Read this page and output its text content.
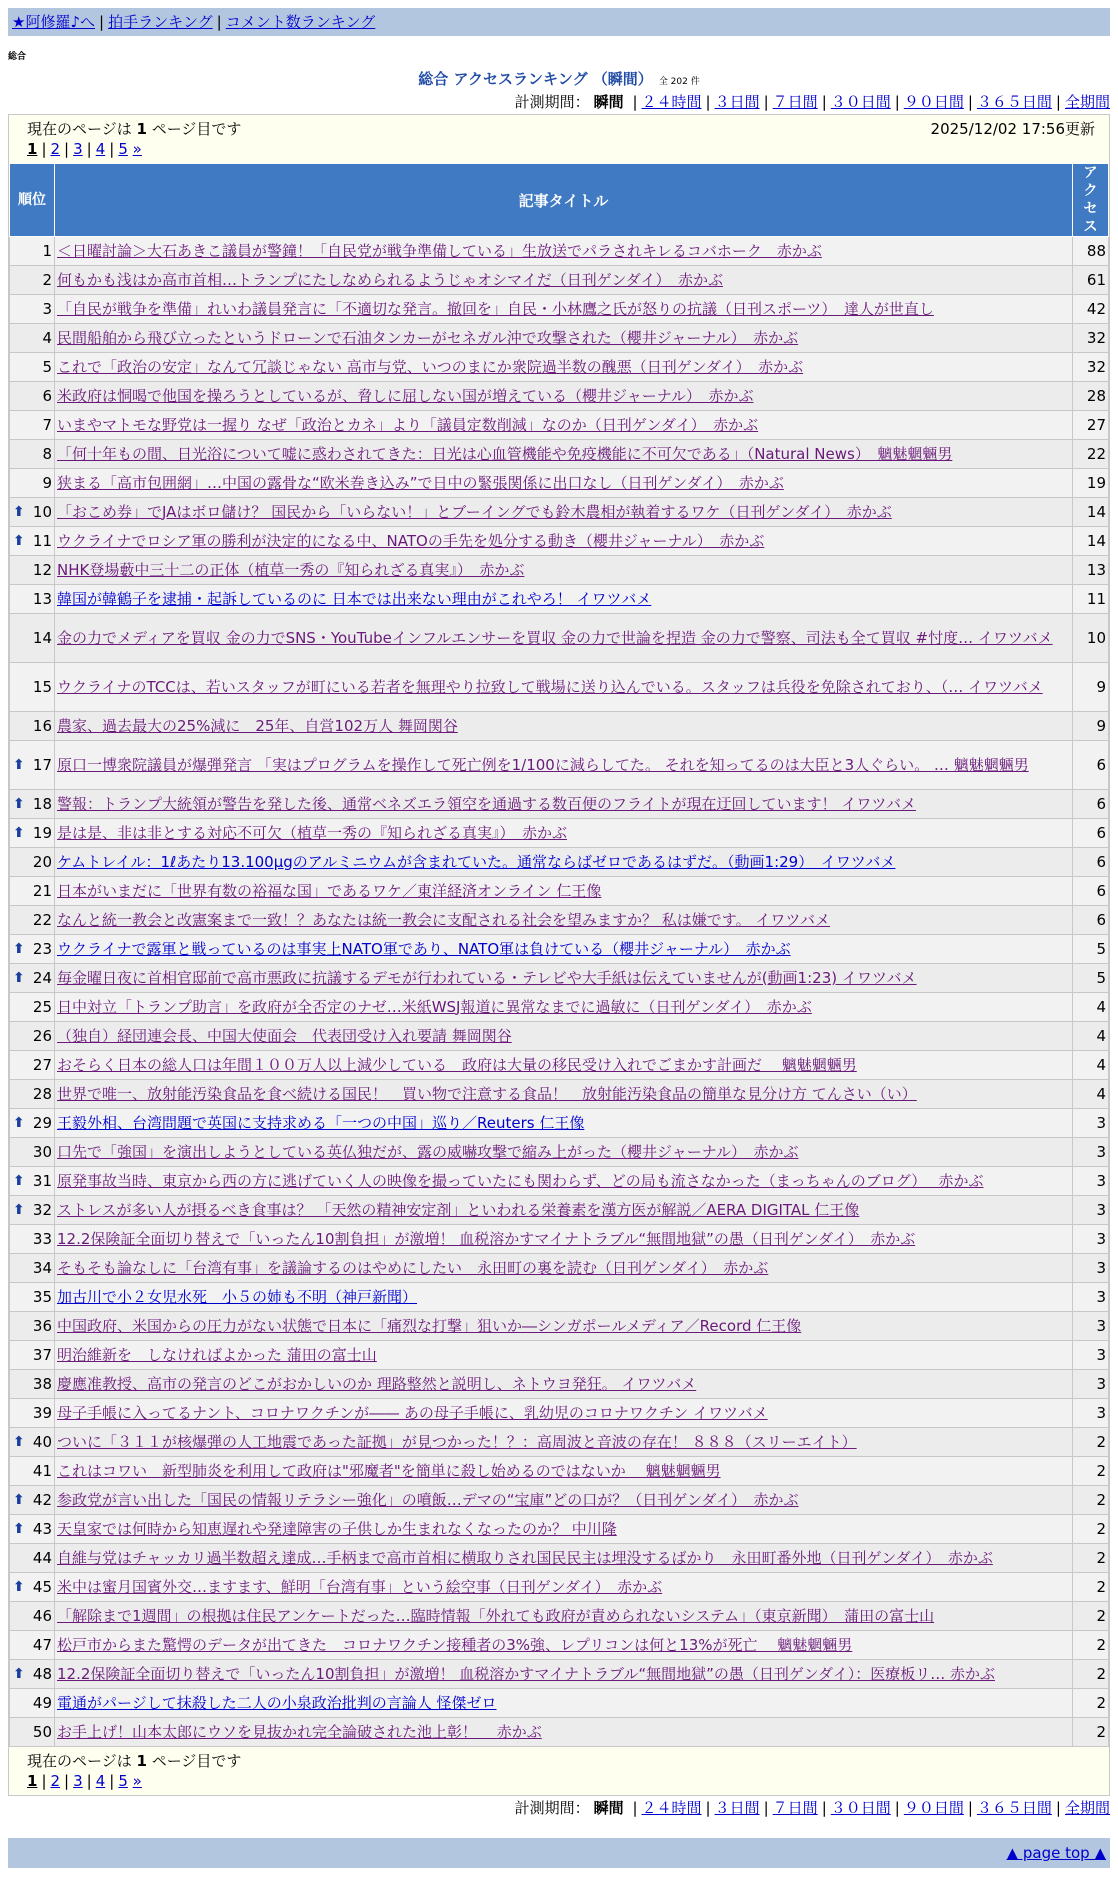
★阿修羅♪へ | 拍手ランキング | コメント数ランキング
総合
総合 アクセスランキング （瞬間） 全 202 件
計測期間： 瞬間 | ２４時間 | ３日間 | ７日間 | ３０日間 | ９０日間 | ３６５日間 | 全期間
現在のページは 1 ページ目です	2025/12/02 17:56更新
1 | 2 | 3 | 4 | 5 »
順位	記事タイトル	アクセス
1	＜日曜討論＞大石あきこ議員が警鐘！「自民党が戦争準備している」生放送でパラされキレるコバホーク　赤かぶ	88
2	何もかも浅はか高市首相…トランプにたしなめられるようじゃオシマイだ（日刊ゲンダイ）　赤かぶ	61
3	「自民が戦争を準備」れいわ議員発言に「不適切な発言。撤回を」自民・小林鷹之氏が怒りの抗議（日刊スポーツ）　達人が世直し	42
4	民間船舶から飛び立ったというドローンで石油タンカーがセネガル沖で攻撃された（櫻井ジャーナル）　赤かぶ	32
5	これで「政治の安定」なんて冗談じゃない 高市与党、いつのまにか衆院過半数の醜悪（日刊ゲンダイ）　赤かぶ	32
6	米政府は恫喝で他国を操ろうとしているが、脅しに屈しない国が増えている（櫻井ジャーナル）　赤かぶ	28
7	いまやマトモな野党は一握り なぜ「政治とカネ」より「議員定数削減」なのか（日刊ゲンダイ）　赤かぶ	27
8	「何十年もの間、日光浴について嘘に惑わされてきた：日光は心血管機能や免疫機能に不可欠である」（Natural News）　魑魅魍魎男	22
9	狭まる「高市包囲網」…中国の露骨な“欧米巻き込み”で日中の緊張関係に出口なし（日刊ゲンダイ）　赤かぶ	19

⬆ 10	「おこめ券」でJAはボロ儲け？ 国民から「いらない！」とブーイングでも鈴木農相が執着するワケ（日刊ゲンダイ）　赤かぶ	14

⬆ 11	ウクライナでロシア軍の勝利が決定的になる中、NATOの手先を処分する動き（櫻井ジャーナル）　赤かぶ	14
12	NHK登場藪中三十二の正体（植草一秀の『知られざる真実』）　赤かぶ	13
13	韓国が韓鶴子を逮捕・起訴しているのに 日本では出来ない理由がこれやろ！ イワツバメ	11
14	金の力でメディアを買収 金の力でSNS・YouTubeインフルエンサーを買収 金の力で世論を捏造 金の力で警察、司法も全て買収 #忖度… イワツバメ	10
15	ウクライナのTCCは、若いスタッフが町にいる若者を無理やり拉致して戦場に送り込んでいる。スタッフは兵役を免除されており、（… イワツバメ	9
16	農家、過去最大の25%減に　25年、自営102万人 舞岡関谷	9

⬆ 17	原口一博衆院議員が爆弾発言 「実はプログラムを操作して死亡例を1/100に減らしてた。 それを知ってるのは大臣と3人ぐらい。 … 魑魅魍魎男	6

⬆ 18	警報：トランプ大統領が警告を発した後、通常ベネズエラ領空を通過する数百便のフライトが現在迂回しています！ イワツバメ	6

⬆ 19	是は是、非は非とする対応不可欠（植草一秀の『知られざる真実』）　赤かぶ	6
20	ケムトレイル：1ℓあたり13.100μgのアルミニウムが含まれていた。通常ならばゼロであるはずだ。（動画1:29）　イワツバメ	6
21	日本がいまだに「世界有数の裕福な国」であるワケ／東洋経済オンライン 仁王像	6
22	なんと統一教会と改憲案まで一致！？あなたは統一教会に支配される社会を望みますか？ 私は嫌です。 イワツバメ	6

⬆ 23	ウクライナで露軍と戦っているのは事実上NATO軍であり、NATO軍は負けている（櫻井ジャーナル）　赤かぶ	5

⬆ 24	毎金曜日夜に首相官邸前で高市悪政に抗議するデモが行われている・テレビや大手紙は伝えていませんが(動画1:23) イワツバメ	5
25	日中対立「トランプ助言」を政府が全否定のナゼ…米紙WSJ報道に異常なまでに過敏に（日刊ゲンダイ）　赤かぶ	4
26	（独自）経団連会長、中国大使面会　代表団受け入れ要請 舞岡関谷	4
27	おそらく日本の総人口は年間１００万人以上減少している　政府は大量の移民受け入れでごまかす計画だ　 魑魅魍魎男	4
28	世界で唯一、放射能汚染食品を食べ続ける国民！　買い物で注意する食品！　放射能汚染食品の簡単な見分け方 てんさい（い）	4

⬆ 29	王毅外相、台湾問題で英国に支持求める「一つの中国」巡り／Reuters 仁王像	3
30	口先で「強国」を演出しようとしている英仏独だが、露の威嚇攻撃で縮み上がった（櫻井ジャーナル）　赤かぶ	3

⬆ 31	原発事故当時、東京から西の方に逃げていく人の映像を撮っていたにも関わらず、どの局も流さなかった（まっちゃんのブログ）　 赤かぶ	3

⬆ 32	ストレスが多い人が摂るべき食事は？ 「天然の精神安定剤」といわれる栄養素を漢方医が解説／AERA DIGITAL 仁王像	3
33	12.2保険証全面切り替えで「いったん10割負担」が激増！ 血税溶かすマイナトラブル“無間地獄”の愚（日刊ゲンダイ）　赤かぶ	3
34	そもそも論なしに「台湾有事」を議論するのはやめにしたい　永田町の裏を読む（日刊ゲンダイ）　赤かぶ	3
35	加古川で小２女児水死　小５の姉も不明（神戸新聞）	3
36	中国政府、米国からの圧力がない状態で日本に「痛烈な打撃」狙いか―シンガポールメディア／Record 仁王像	3
37	明治維新を　しなければよかった 蒲田の富士山	3
38	慶應准教授、高市の発言のどこがおかしいのか 理路整然と説明し、ネトウヨ発狂。 イワツバメ	3
39	母子手帳に入ってるナント、コロナワクチンが―― あの母子手帳に、乳幼児のコロナワクチン イワツバメ	3

⬆ 40	ついに「３１１が核爆弾の人工地震であった証拠」が見つかった！？：高周波と音波の存在！ ８８８（スリーエイト）	2
41	これはコワい　新型肺炎を利用して政府は"邪魔者"を簡単に殺し始めるのではないか　 魑魅魍魎男	2

⬆ 42	参政党が言い出した「国民の情報リテラシー強化」の噴飯…デマの“宝庫”どの口が？（日刊ゲンダイ）　赤かぶ	2

⬆ 43	天皇家では何時から知恵遅れや発達障害の子供しか生まれなくなったのか？ 中川隆	2
44	自維与党はチャッカリ過半数超え達成…手柄まで高市首相に横取りされ国民民主は埋没するばかり　永田町番外地（日刊ゲンダイ）　赤かぶ	2

⬆ 45	米中は蜜月国賓外交…ますます、鮮明「台湾有事」という絵空事（日刊ゲンダイ）　赤かぶ	2
46	「解除まで1週間」の根拠は住民アンケートだった…臨時情報「外れても政府が責められないシステム」（東京新聞）　蒲田の富士山	2
47	松戸市からまた驚愕のデータが出てきた　コロナワクチン接種者の3%強、レプリコンは何と13%が死亡　 魑魅魍魎男	2

⬆ 48	12.2保険証全面切り替えで「いったん10割負担」が激増！ 血税溶かすマイナトラブル“無間地獄”の愚（日刊ゲンダイ）：医療板リ… 赤かぶ	2
49	電通がパージして抹殺した二人の小泉政治批判の言論人 怪傑ゼロ	2
50	お手上げ！山本太郎にウソを見抜かれ完全論破された池上彰！　 赤かぶ	2
現在のページは 1 ページ目です
1 | 2 | 3 | 4 | 5 »
計測期間： 瞬間 | ２４時間 | ３日間 | ７日間 | ３０日間 | ９０日間 | ３６５日間 | 全期間
▲ page top ▲
